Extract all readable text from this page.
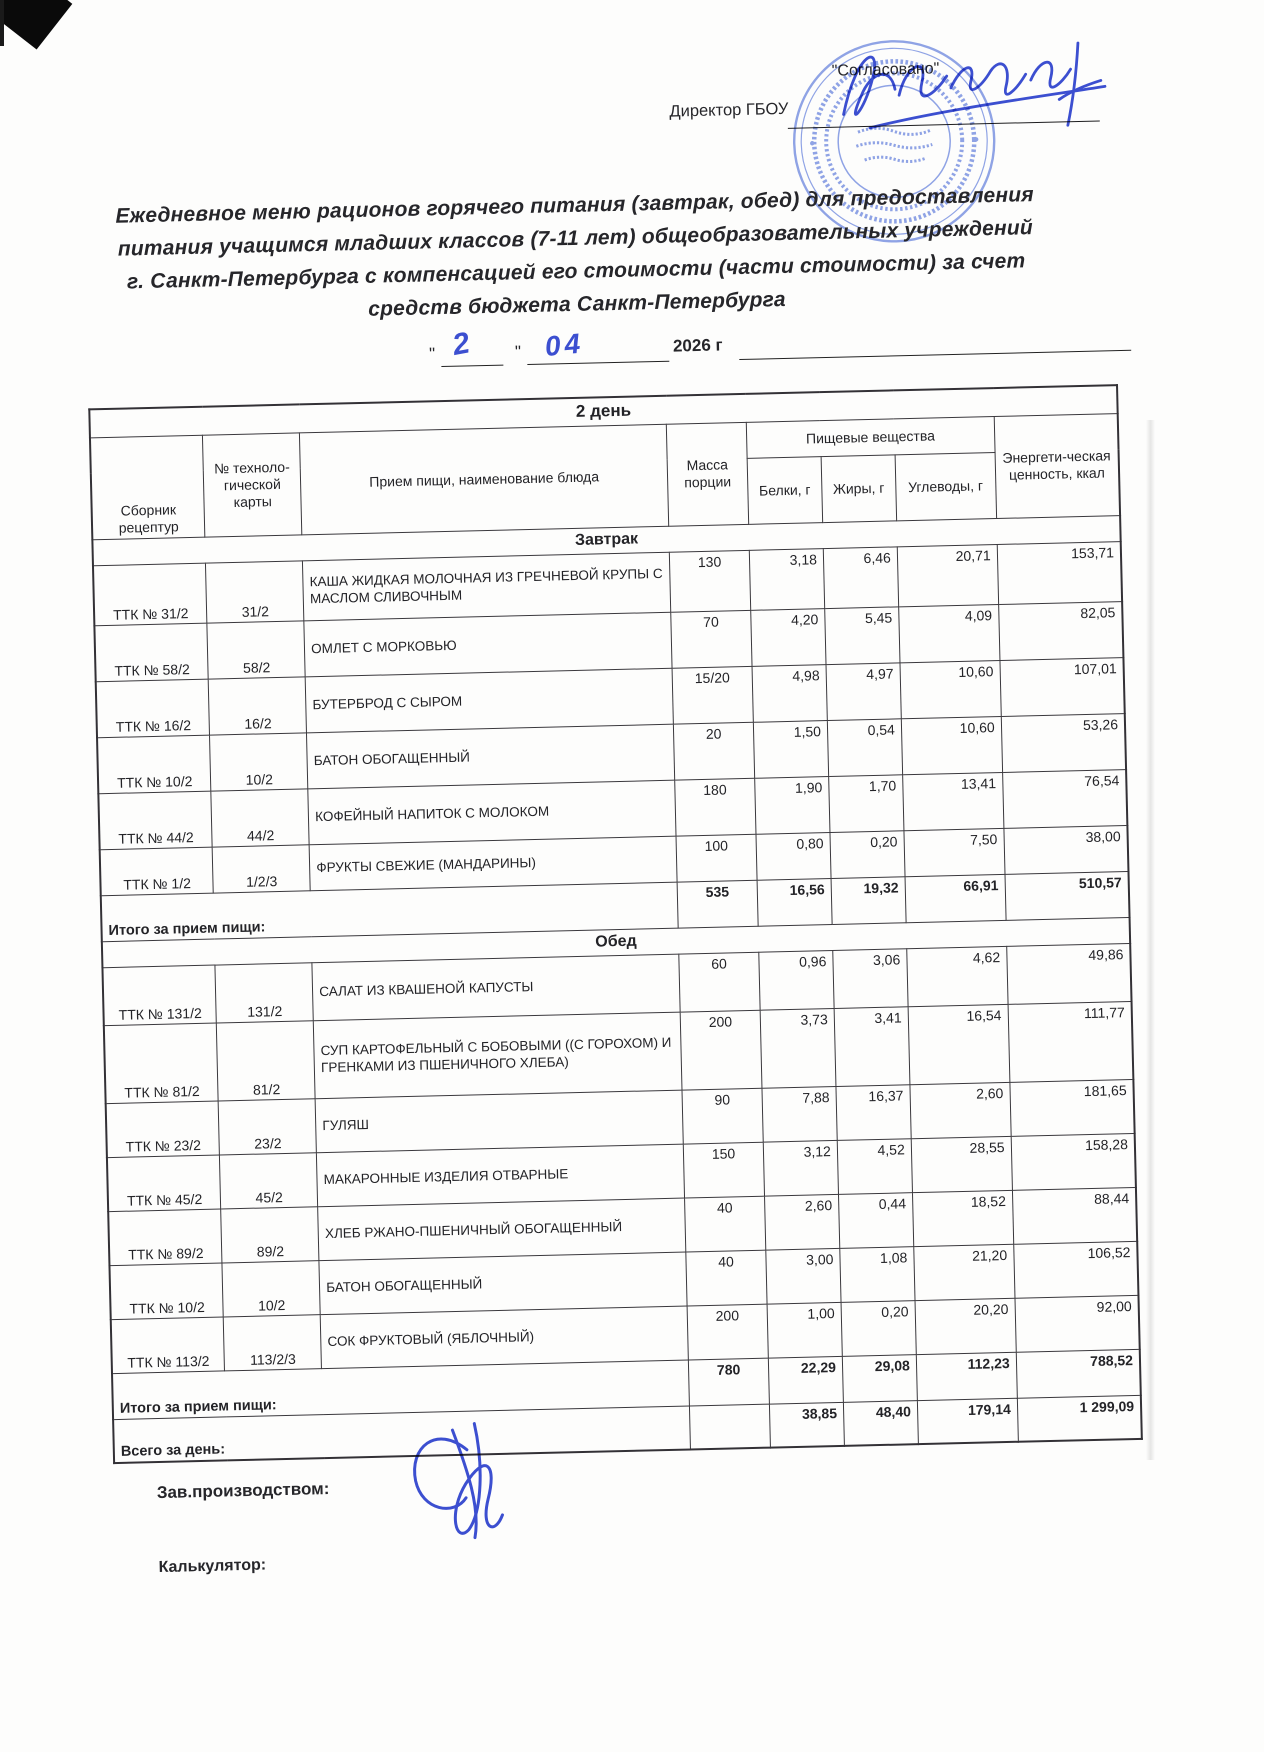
"Согласовано"
Директор ГБОУ
Ежедневное меню рационов горячего питания (завтрак, обед) для предоставления
питания учащимся младших классов (7-11 лет) общеобразовательных учреждений
г. Санкт-Петербурга с компенсацией его стоимости (части стоимости) за счет
средств бюджета Санкт-Петербурга
" 2	" 04	2026 г
2 день							
Сборник рецептур	№ техноло-гической карты	Прием пищи, наименование блюда	Масса порции	Пищевые вещества			Энергети-ческая ценность, ккал
				Белки, г	Жиры, г	Углеводы, г	
Завтрак							
ТТК № 31/2	31/2	КАША ЖИДКАЯ МОЛОЧНАЯ ИЗ ГРЕЧНЕВОЙ КРУПЫ С МАСЛОМ СЛИВОЧНЫМ	130	3,18	6,46	20,71	153,71
ТТК № 58/2	58/2	ОМЛЕТ С МОРКОВЬЮ	70	4,20	5,45	4,09	82,05
ТТК № 16/2	16/2	БУТЕРБРОД С СЫРОМ	15/20	4,98	4,97	10,60	107,01
ТТК № 10/2	10/2	БАТОН ОБОГАЩЕННЫЙ	20	1,50	0,54	10,60	53,26
ТТК № 44/2	44/2	КОФЕЙНЫЙ НАПИТОК С МОЛОКОМ	180	1,90	1,70	13,41	76,54
ТТК № 1/2	1/2/3	ФРУКТЫ СВЕЖИЕ (МАНДАРИНЫ)	100	0,80	0,20	7,50	38,00
Итого за прием пищи:			535	16,56	19,32	66,91	510,57
Обед							
ТТК № 131/2	131/2	САЛАТ ИЗ КВАШЕНОЙ КАПУСТЫ	60	0,96	3,06	4,62	49,86
ТТК № 81/2	81/2	СУП КАРТОФЕЛЬНЫЙ С БОБОВЫМИ ((С ГОРОХОМ) И ГРЕНКАМИ ИЗ ПШЕНИЧНОГО ХЛЕБА)	200	3,73	3,41	16,54	111,77
ТТК № 23/2	23/2	ГУЛЯШ	90	7,88	16,37	2,60	181,65
ТТК № 45/2	45/2	МАКАРОННЫЕ ИЗДЕЛИЯ ОТВАРНЫЕ	150	3,12	4,52	28,55	158,28
ТТК № 89/2	89/2	ХЛЕБ РЖАНО-ПШЕНИЧНЫЙ ОБОГАЩЕННЫЙ	40	2,60	0,44	18,52	88,44
ТТК № 10/2	10/2	БАТОН ОБОГАЩЕННЫЙ	40	3,00	1,08	21,20	106,52
ТТК № 113/2	113/2/3	СОК ФРУКТОВЫЙ (ЯБЛОЧНЫЙ)	200	1,00	0,20	20,20	92,00
Итого за прием пищи:			780	22,29	29,08	112,23	788,52
Всего за день:				38,85	48,40	179,14	1 299,09
Зав.производством:
Калькулятор:
